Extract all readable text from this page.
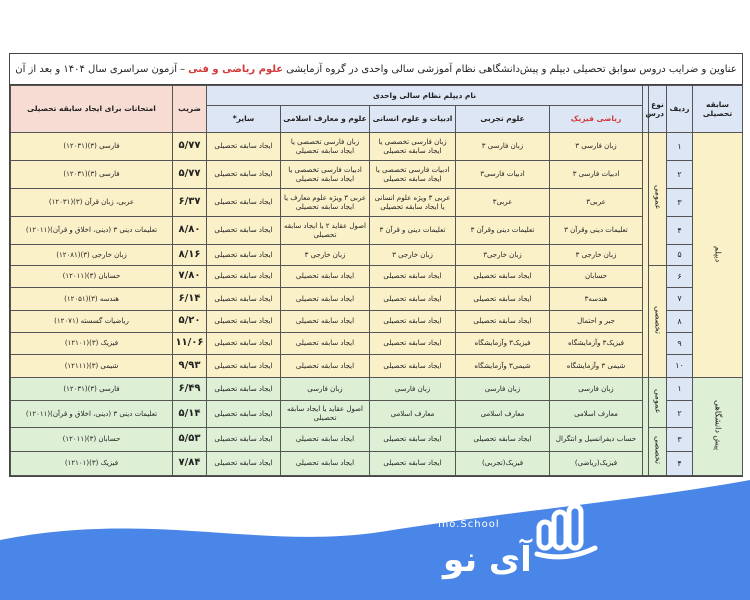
عناوین و ضرایب دروس سوابق تحصیلی دیپلم و پیش‌دانشگاهی نظام آموزشی سالی واحدی در گروه آزمایشی
علوم ریاضی و فنی
– آزمون سراسری سال ۱۴۰۴ و بعد از آن
سابقه تحصیلی	ردیف	نوع درس		نام دیپلم نظام سالی واحدی					ضریب	امتحانات برای ایجاد سابقه تحصیلی
				ریاضی فیزیک	علوم تجربی	ادبیات و علوم انسانی	علوم و معارف اسلامی	سایر*		
دیپلم	۱	عمومی		زبان فارسی ۳	زبان فارسی ۳	زبان فارسی تخصصی یا ایجاد سابقه تحصیلی	زبان فارسی تخصصی یا ایجاد سابقه تحصیلی	ایجاد سابقه تحصیلی	۵/۷۷	فارسی (۳)(۱۲۰۳۱)
	۲			ادبیات فارسی ۳	ادبیات فارسی۳	ادبیات فارسی تخصصی یا ایجاد سابقه تحصیلی	ادبیات فارسی تخصصی یا ایجاد سابقه تحصیلی	ایجاد سابقه تحصیلی	۵/۷۷	فارسی (۳)(۱۲۰۳۱)
	۳			عربی۳	عربی۳	عربی ۳ ویژه علوم انسانی یا ایجاد سابقه تحصیلی	عربی ۳ ویژه علوم معارف یا ایجاد سابقه تحصیلی	ایجاد سابقه تحصیلی	۶/۳۷	عربی، زبان قرآن (۳)(۱۲۰۳۱)
	۴			تعلیمات دینی وقرآن ۳	تعلیمات دینی وقرآن ۳	تعلیمات دینی و قرآن ۳	اصول عقاید ۲ یا ایجاد سابقه تحصیلی	ایجاد سابقه تحصیلی	۸/۸۰	تعلیمات دینی ۳ (دینی، اخلاق و قرآن)(۱۲۰۱۱)
	۵			زبان خارجی ۳	زبان خارجی۳	زبان خارجی ۳	زبان خارجی ۳	ایجاد سابقه تحصیلی	۸/۱۶	زبان خارجی (۳)(۱۲۰۸۱)
	۶	تخصصی		حسابان	ایجاد سابقه تحصیلی	ایجاد سابقه تحصیلی	ایجاد سابقه تحصیلی	ایجاد سابقه تحصیلی	۷/۸۰	حسابان (۳)(۱۲۰۱۱)
	۷			هندسه۳	ایجاد سابقه تحصیلی	ایجاد سابقه تحصیلی	ایجاد سابقه تحصیلی	ایجاد سابقه تحصیلی	۶/۱۴	هندسه (۳)(۱۲۰۵۱)
	۸			جبر و احتمال	ایجاد سابقه تحصیلی	ایجاد سابقه تحصیلی	ایجاد سابقه تحصیلی	ایجاد سابقه تحصیلی	۵/۲۰	ریاضیات گسسته (۱۲۰۷۱)
	۹			فیزیک۳ وآزمایشگاه	فیزیک۳ وآزمایشگاه	ایجاد سابقه تحصیلی	ایجاد سابقه تحصیلی	ایجاد سابقه تحصیلی	۱۱/۰۶	فیزیک (۳)(۱۲۱۰۱)
	۱۰			شیمی ۳ وآزمایشگاه	شیمی۳ وآزمایشگاه	ایجاد سابقه تحصیلی	ایجاد سابقه تحصیلی	ایجاد سابقه تحصیلی	۹/۹۳	شیمی (۳)(۱۲۱۱۱)
پیش دانشگاهی	۱	عمومی		زبان فارسی	زبان فارسی	زبان فارسی	زبان فارسی	ایجاد سابقه تحصیلی	۶/۴۹	فارسی (۳)(۱۲۰۳۱)
	۲			معارف اسلامی	معارف اسلامی	معارف اسلامی	اصول عقاید یا ایجاد سابقه تحصیلی	ایجاد سابقه تحصیلی	۵/۱۴	تعلیمات دینی ۳ (دینی، اخلاق و قرآن)(۱۲۰۱۱)
	۳	تخصصی		حساب دیفرانسیل و انتگرال	ایجاد سابقه تحصیلی	ایجاد سابقه تحصیلی	ایجاد سابقه تحصیلی	ایجاد سابقه تحصیلی	۵/۵۳	حسابان (۳)(۱۲۰۱۱)
	۴			فیزیک(ریاضی)	فیزیک(تجربی)	ایجاد سابقه تحصیلی	ایجاد سابقه تحصیلی	ایجاد سابقه تحصیلی	۷/۸۴	فیزیک (۳)(۱۲۱۰۱)
Ino.School
آی نو
